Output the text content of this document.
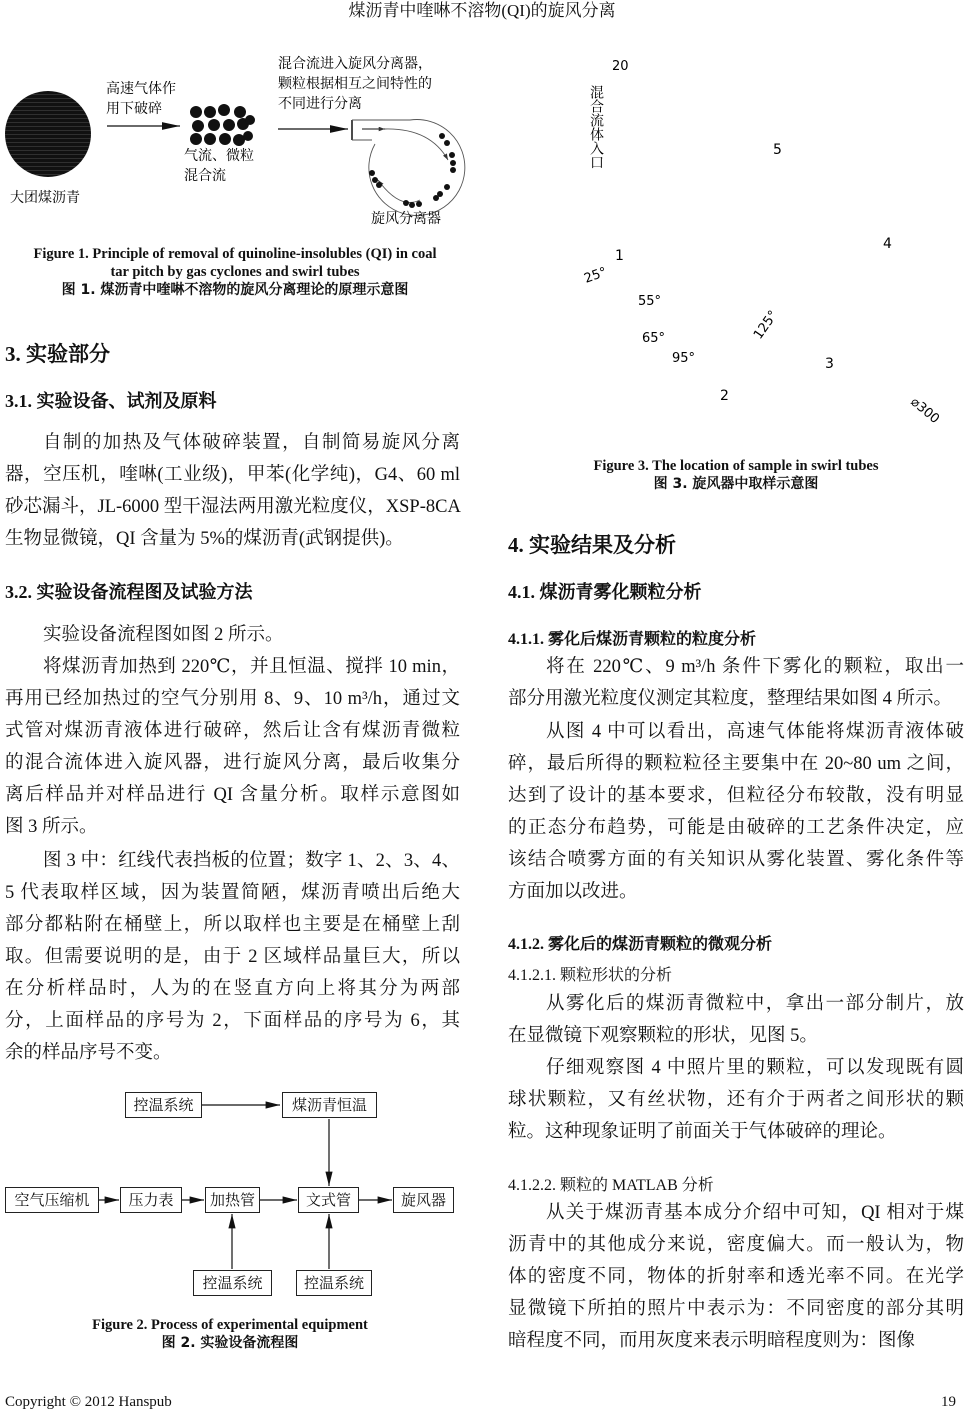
煤沥青中喹啉不溶物(QI)的旋风分离
大团煤沥青
高速气体作
用下破碎
气流、微粒
混合流
混合流进入旋风分离器，
颗粒根据相互之间特性的
不同进行分离
旋风分离器
Figure 1. Principle of removal of quinoline-insolubles (QI) in coal
tar pitch by gas cyclones and swirl tubes
图 1. 煤沥青中喹啉不溶物的旋风分离理论的原理示意图
3. 实验部分
3.1. 实验设备、试剂及原料
自制的加热及气体破碎装置，自制简易旋风分离
器，空压机，喹啉(工业级)，甲苯(化学纯)，G4、60 ml
砂芯漏斗，JL-6000 型干湿法两用激光粒度仪，XSP-8CA
生物显微镜，QI 含量为 5%的煤沥青(武钢提供)。
3.2. 实验设备流程图及试验方法
实验设备流程图如图 2 所示。
将煤沥青加热到 220℃，并且恒温、搅拌 10 min，
再用已经加热过的空气分别用 8、9、10 m³/h，通过文
式管对煤沥青液体进行破碎，然后让含有煤沥青微粒
的混合流体进入旋风器，进行旋风分离，最后收集分
离后样品并对样品进行 QI 含量分析。取样示意图如
图 3 所示。
图 3 中：红线代表挡板的位置；数字 1、2、3、4、
5 代表取样区域，因为装置简陋，煤沥青喷出后绝大
部分都粘附在桶壁上，所以取样也主要是在桶壁上刮
取。但需要说明的是，由于 2 区域样品量巨大，所以
在分析样品时，人为的在竖直方向上将其分为两部
分，上面样品的序号为 2，下面样品的序号为 6，其
余的样品序号不变。
控温系统	煤沥青恒温
空气压缩机	压力表	加热管	文式管	旋风器
控温系统	控温系统
Figure 2. Process of experimental equipment
图 2. 实验设备流程图
20
混合流体入口
1
2
3
4
5
25°
55°
65°
95°
125°
⌀300
Figure 3. The location of sample in swirl tubes
图 3. 旋风器中取样示意图
4. 实验结果及分析
4.1. 煤沥青雾化颗粒分析
4.1.1. 雾化后煤沥青颗粒的粒度分析
将在 220℃、9 m³/h 条件下雾化的颗粒，取出一
部分用激光粒度仪测定其粒度，整理结果如图 4 所示。
从图 4 中可以看出，高速气体能将煤沥青液体破
碎，最后所得的颗粒粒径主要集中在 20~80 um 之间，
达到了设计的基本要求，但粒径分布较散，没有明显
的正态分布趋势，可能是由破碎的工艺条件决定，应
该结合喷雾方面的有关知识从雾化装置、雾化条件等
方面加以改进。
4.1.2. 雾化后的煤沥青颗粒的微观分析
4.1.2.1. 颗粒形状的分析
从雾化后的煤沥青微粒中，拿出一部分制片，放
在显微镜下观察颗粒的形状，见图 5。
仔细观察图 4 中照片里的颗粒，可以发现既有圆
球状颗粒，又有丝状物，还有介于两者之间形状的颗
粒。这种现象证明了前面关于气体破碎的理论。
4.1.2.2. 颗粒的 MATLAB 分析
从关于煤沥青基本成分介绍中可知，QI 相对于煤
沥青中的其他成分来说，密度偏大。而一般认为，物
体的密度不同，物体的折射率和透光率不同。在光学
显微镜下所拍的照片中表示为：不同密度的部分其明
暗程度不同，而用灰度来表示明暗程度则为：图像
Copyright © 2012 Hanspub	19
